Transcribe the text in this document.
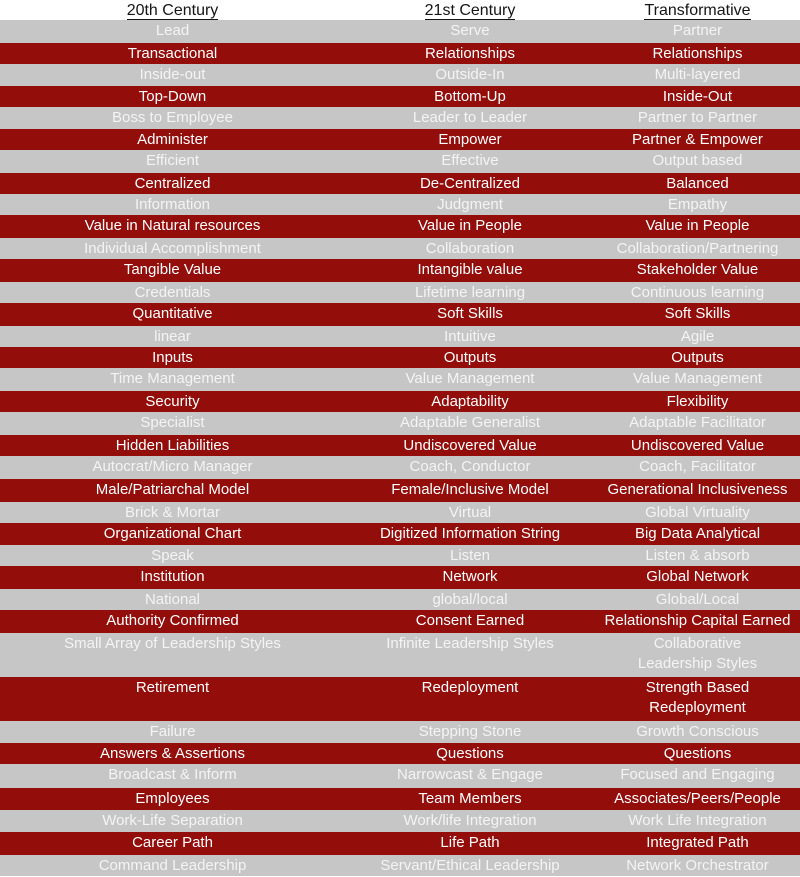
20th Century	21st Century	Transformative
Lead	Serve	Partner
Transactional	Relationships	Relationships
Inside-out	Outside-In	Multi-layered
Top-Down	Bottom-Up	Inside-Out
Boss to Employee	Leader to Leader	Partner to Partner
Administer	Empower	Partner & Empower
Efficient	Effective	Output based
Centralized	De-Centralized	Balanced
Information	Judgment	Empathy
Value in Natural resources	Value in People	Value in People
Individual Accomplishment	Collaboration	Collaboration/Partnering
Tangible Value	Intangible value	Stakeholder Value
Credentials	Lifetime learning	Continuous learning
Quantitative	Soft Skills	Soft Skills
linear	Intuitive	Agile
Inputs	Outputs	Outputs
Time Management	Value Management	Value Management
Security	Adaptability	Flexibility
Specialist	Adaptable Generalist	Adaptable Facilitator
Hidden Liabilities	Undiscovered Value	Undiscovered Value
Autocrat/Micro Manager	Coach, Conductor	Coach, Facilitator
Male/Patriarchal Model	Female/Inclusive Model	Generational Inclusiveness
Brick & Mortar	Virtual	Global Virtuality
Organizational Chart	Digitized Information String	Big Data Analytical
Speak	Listen	Listen & absorb
Institution	Network	Global Network
National	global/local	Global/Local
Authority Confirmed	Consent Earned	Relationship Capital Earned
Small Array of Leadership Styles	Infinite Leadership Styles	Collaborative Leadership Styles
Retirement	Redeployment	Strength Based Redeployment
Failure	Stepping Stone	Growth Conscious
Answers & Assertions	Questions	Questions
Broadcast & Inform	Narrowcast & Engage	Focused and Engaging
Employees	Team Members	Associates/Peers/People
Work-Life Separation	Work/life Integration	Work Life Integration
Career Path	Life Path	Integrated Path
Command Leadership	Servant/Ethical Leadership	Network Orchestrator
